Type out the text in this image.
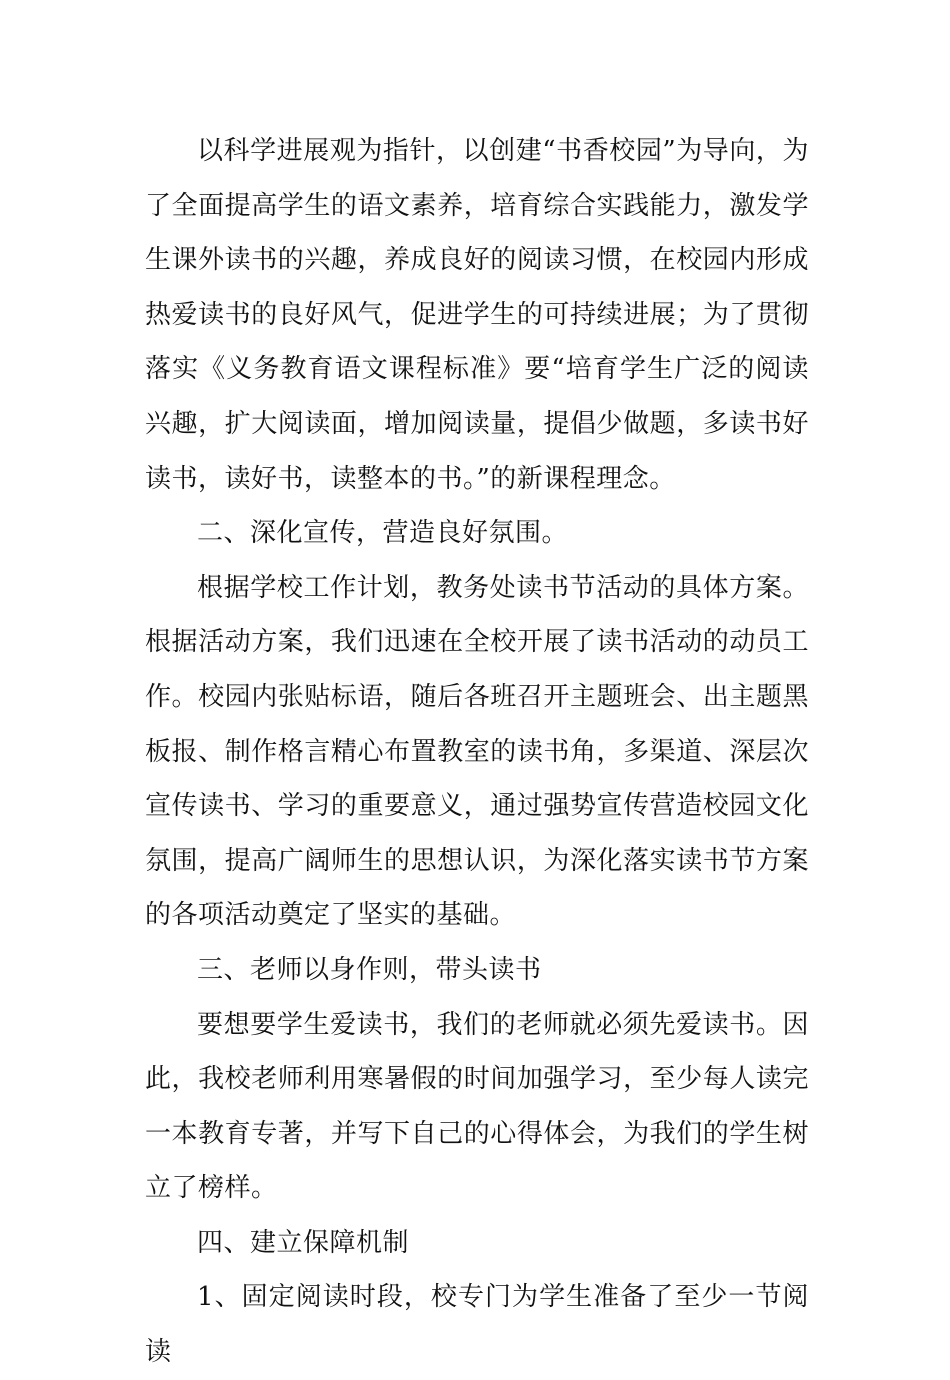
以科学进展观为指针，以创建“书香校园”为导向，为了全面提高学生的语文素养，培育综合实践能力，激发学生课外读书的兴趣，养成良好的阅读习惯，在校园内形成热爱读书的良好风气，促进学生的可持续进展；为了贯彻落实《义务教育语文课程标准》要“培育学生广泛的阅读兴趣，扩大阅读面，增加阅读量，提倡少做题，多读书好读书，读好书，读整本的书。”的新课程理念。

二、深化宣传，营造良好氛围。

根据学校工作计划，教务处读书节活动的具体方案。根据活动方案，我们迅速在全校开展了读书活动的动员工作。校园内张贴标语，随后各班召开主题班会、出主题黑板报、制作格言精心布置教室的读书角，多渠道、深层次宣传读书、学习的重要意义，通过强势宣传营造校园文化氛围，提高广阔师生的思想认识，为深化落实读书节方案的各项活动奠定了坚实的基础。

三、老师以身作则，带头读书

要想要学生爱读书，我们的老师就必须先爱读书。因此，我校老师利用寒暑假的时间加强学习，至少每人读完一本教育专著，并写下自己的心得体会，为我们的学生树立了榜样。

四、建立保障机制

1、固定阅读时段，校专门为学生准备了至少一节阅读
